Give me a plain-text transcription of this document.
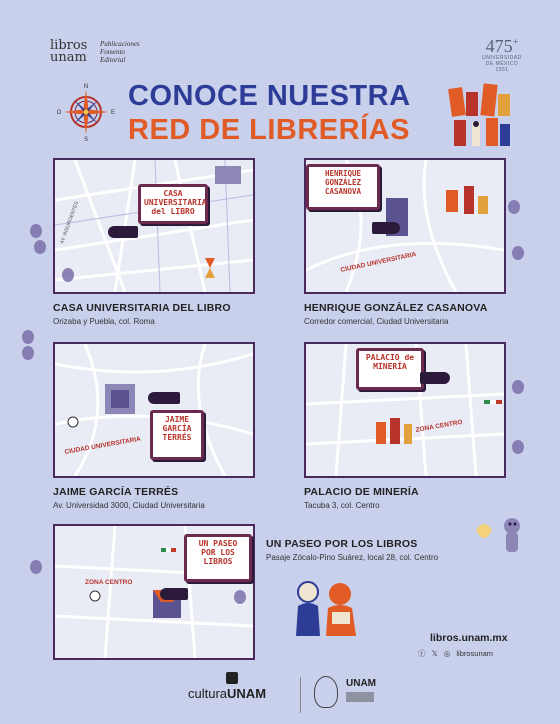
libros
unam
Publicaciones
Fomento
Editorial
475+
UNIVERSIDAD
DE MÉXICO
1551
N
E
O
S
CONOCE NUESTRA
RED DE LIBRERÍAS
AV. INSURGENTES
CASA UNIVERSITARIA del LIBRO
CASA UNIVERSITARIA DEL LIBRO
Orizaba y Puebla, col. Roma
CIUDAD UNIVERSITARIA
HENRIQUE GONZÁLEZ CASANOVA
HENRIQUE GONZÁLEZ CASANOVA
Corredor comercial, Ciudad Universitaria
CIUDAD UNIVERSITARIA
JAIME GARCÍA TERRÉS
JAIME GARCÍA TERRÉS
Av. Universidad 3000, Ciudad Universitaria
ZONA CENTRO
PALACIO de MINERÍA
PALACIO DE MINERÍA
Tacuba 3, col. Centro
ZONA CENTRO
UN PASEO POR LOS LIBROS
UN PASEO POR LOS LIBROS
Pasaje Zócalo-Pino Suárez, local 28, col. Centro
libros.unam.mx
ⓕ 𝕏 ◎ librosunam
culturaUNAM
UNAM
